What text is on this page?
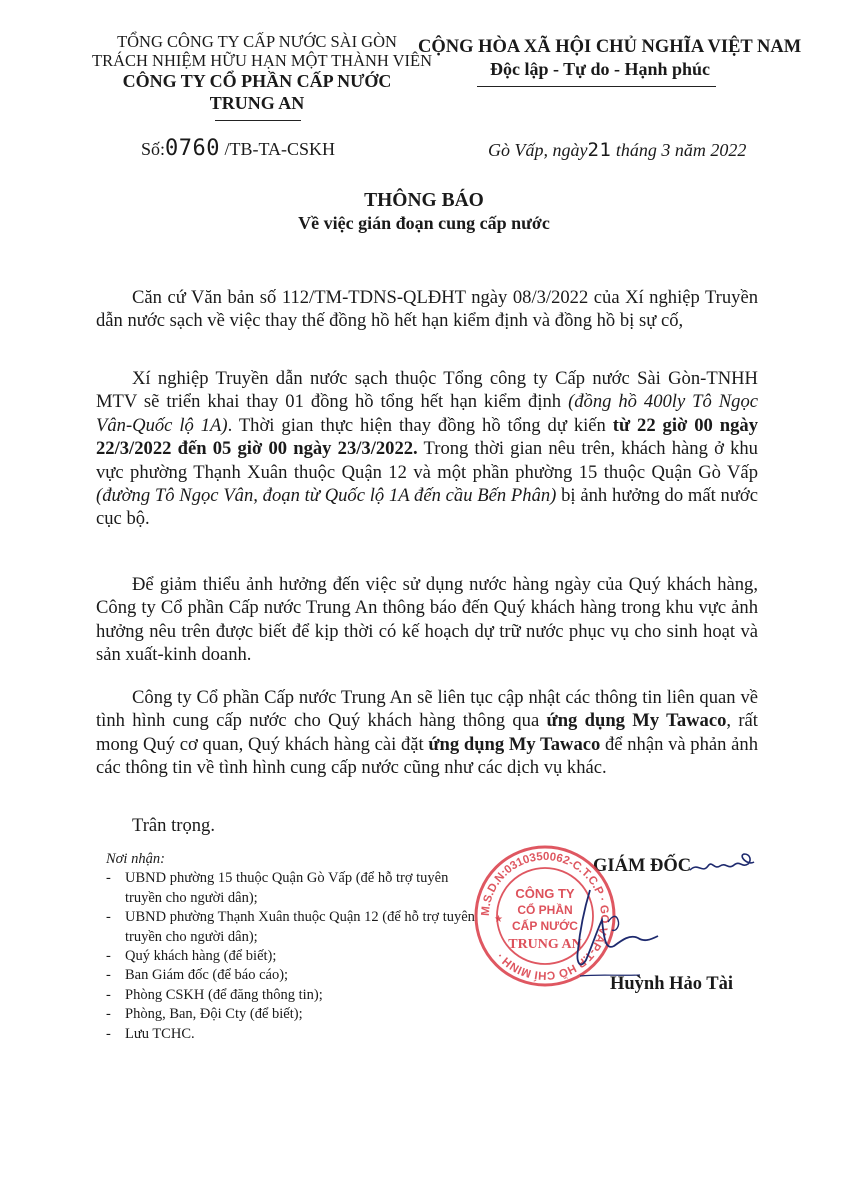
TỔNG CÔNG TY CẤP NƯỚC SÀI GÒN
TRÁCH NHIỆM HỮU HẠN MỘT THÀNH VIÊN
CÔNG TY CỔ PHẦN CẤP NƯỚC
TRUNG AN
Số:0760 /TB-TA-CSKH
CỘNG HÒA XÃ HỘI CHỦ NGHĨA VIỆT NAM
Độc lập - Tự do - Hạnh phúc
Gò Vấp, ngày21 tháng 3 năm 2022
THÔNG BÁO
Về việc gián đoạn cung cấp nước
Căn cứ Văn bản số 112/TM-TDNS-QLĐHT ngày 08/3/2022 của Xí nghiệp Truyền dẫn nước sạch về việc thay thế đồng hồ hết hạn kiểm định và đồng hồ bị sự cố,
Xí nghiệp Truyền dẫn nước sạch thuộc Tổng công ty Cấp nước Sài Gòn-TNHH MTV sẽ triển khai thay 01 đồng hồ tổng hết hạn kiểm định (đồng hồ 400ly Tô Ngọc Vân-Quốc lộ 1A). Thời gian thực hiện thay đồng hồ tổng dự kiến từ 22 giờ 00 ngày 22/3/2022 đến 05 giờ 00 ngày 23/3/2022. Trong thời gian nêu trên, khách hàng ở khu vực phường Thạnh Xuân thuộc Quận 12 và một phần phường 15 thuộc Quận Gò Vấp (đường Tô Ngọc Vân, đoạn từ Quốc lộ 1A đến cầu Bến Phân) bị ảnh hưởng do mất nước cục bộ.
Để giảm thiểu ảnh hưởng đến việc sử dụng nước hàng ngày của Quý khách hàng, Công ty Cổ phần Cấp nước Trung An thông báo đến Quý khách hàng trong khu vực ảnh hưởng nêu trên được biết để kịp thời có kế hoạch dự trữ nước phục vụ cho sinh hoạt và sản xuất-kinh doanh.
Công ty Cổ phần Cấp nước Trung An sẽ liên tục cập nhật các thông tin liên quan về tình hình cung cấp nước cho Quý khách hàng thông qua ứng dụng My Tawaco, rất mong Quý cơ quan, Quý khách hàng cài đặt ứng dụng My Tawaco để nhận và phản ảnh các thông tin về tình hình cung cấp nước cũng như các dịch vụ khác.
Trân trọng.
Nơi nhận:
- UBND phường 15 thuộc Quận Gò Vấp (để hỗ trợ tuyên truyền cho người dân);
- UBND phường Thạnh Xuân thuộc Quận 12 (để hỗ trợ tuyên truyền cho người dân);
- Quý khách hàng (để biết);
- Ban Giám đốc (để báo cáo);
- Phòng CSKH (để đăng thông tin);
- Phòng, Ban, Đội Cty (để biết);
- Lưu TCHC.
GIÁM ĐỐC
M.S.D.N:0310350062-C.T.C.P · GÒ VẤP-T.P HỒ CHÍ MINH ·
CÔNG TY
CỔ PHẦN
CẤP NƯỚC
TRUNG AN
★
Huỳnh Hảo Tài
